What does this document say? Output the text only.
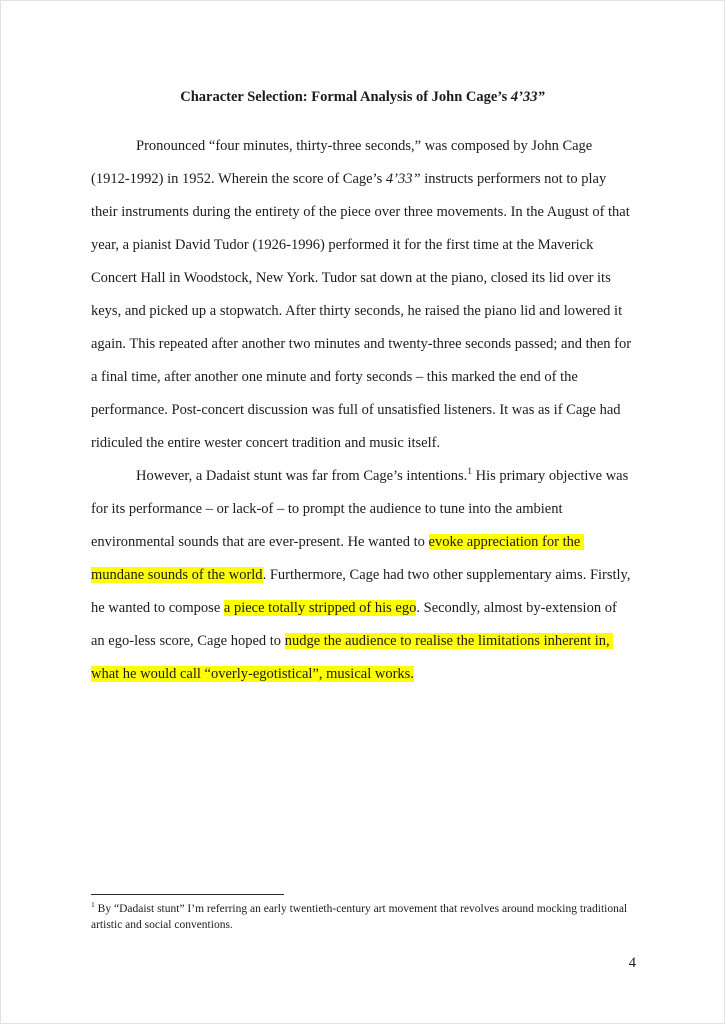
Character Selection: Formal Analysis of John Cage’s 4’33”

Pronounced “four minutes, thirty-three seconds,” was composed by John Cage (1912-1992) in 1952. Wherein the score of Cage’s 4’33” instructs performers not to play their instruments during the entirety of the piece over three movements. In the August of that year, a pianist David Tudor (1926-1996) performed it for the first time at the Maverick Concert Hall in Woodstock, New York. Tudor sat down at the piano, closed its lid over its keys, and picked up a stopwatch. After thirty seconds, he raised the piano lid and lowered it again. This repeated after another two minutes and twenty-three seconds passed; and then for a final time, after another one minute and forty seconds – this marked the end of the performance. Post-concert discussion was full of unsatisfied listeners. It was as if Cage had ridiculed the entire wester concert tradition and music itself.

However, a Dadaist stunt was far from Cage’s intentions.$^1$ His primary objective was for its performance – or lack-of – to prompt the audience to tune into the ambient environmental sounds that are ever-present. He wanted to evoke appreciation for the mundane sounds of the world. Furthermore, Cage had two other supplementary aims. Firstly, he wanted to compose a piece totally stripped of his ego. Secondly, almost by-extension of an ego-less score, Cage hoped to nudge the audience to realise the limitations inherent in, what he would call “overly-egotistical”, musical works.

$^1$ By “Dadaist stunt” I’m referring an early twentieth-century art movement that revolves around mocking traditional artistic and social conventions.

4
